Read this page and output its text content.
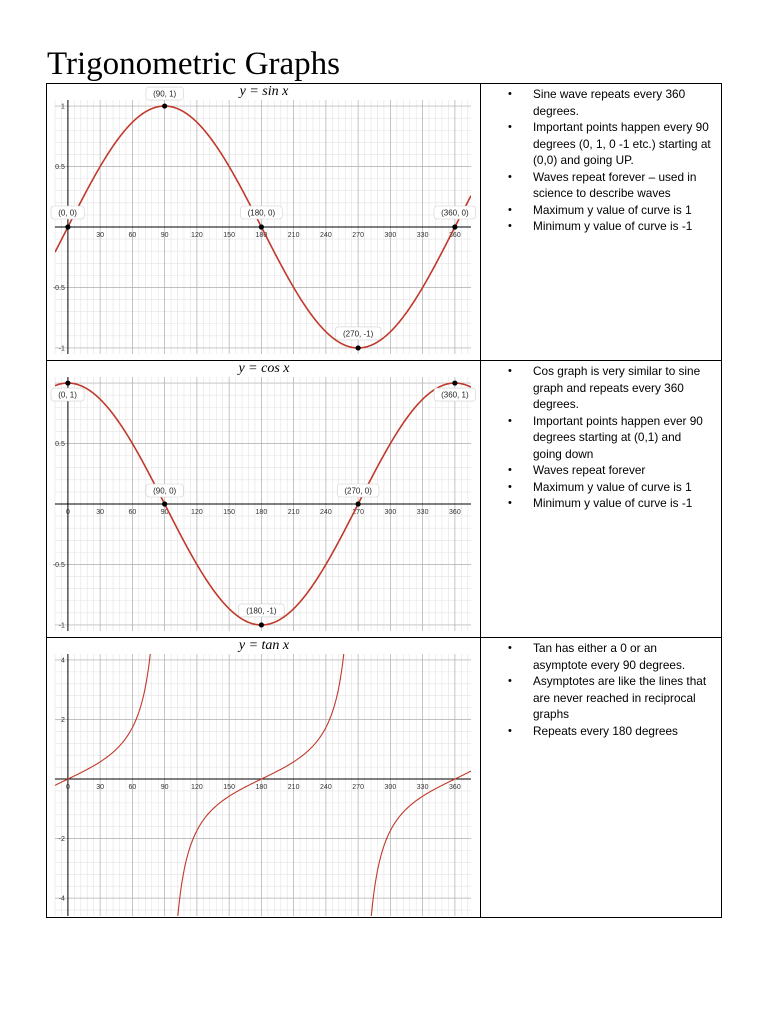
Trigonometric Graphs
30	60	90	120	150	180	210	240	270	300	330	360
1
0.5
-0.5
-1
(0, 0)
(90, 1)
(180, 0)
(270, -1)
(360, 0)
y = sin x	• Sine wave repeats every 360 degrees.
• Important points happen every 90 degrees (0, 1, 0 -1 etc.) starting at (0,0) and going UP.
• Waves repeat forever – used in science to describe waves
• Maximum y value of curve is 1
• Minimum y value of curve is -1
0	30	60	90	120	150	180	210	240	270	300	330	360
0.5
-0.5
-1
(0, 1)
(90, 0)
(180, -1)
(270, 0)
(360, 1)
y = cos x	• Cos graph is very similar to sine graph and repeats every 360 degrees.
• Important points happen ever 90 degrees starting at (0,1) and going down
• Waves repeat forever
• Maximum y value of curve is 1
• Minimum y value of curve is -1
0	30	60	90	120	150	180	210	240	270	300	330	360
4
2
-2
-4
y = tan x	• Tan has either a 0 or an asymptote every 90 degrees.
• Asymptotes are like the lines that are never reached in reciprocal graphs
• Repeats every 180 degrees
